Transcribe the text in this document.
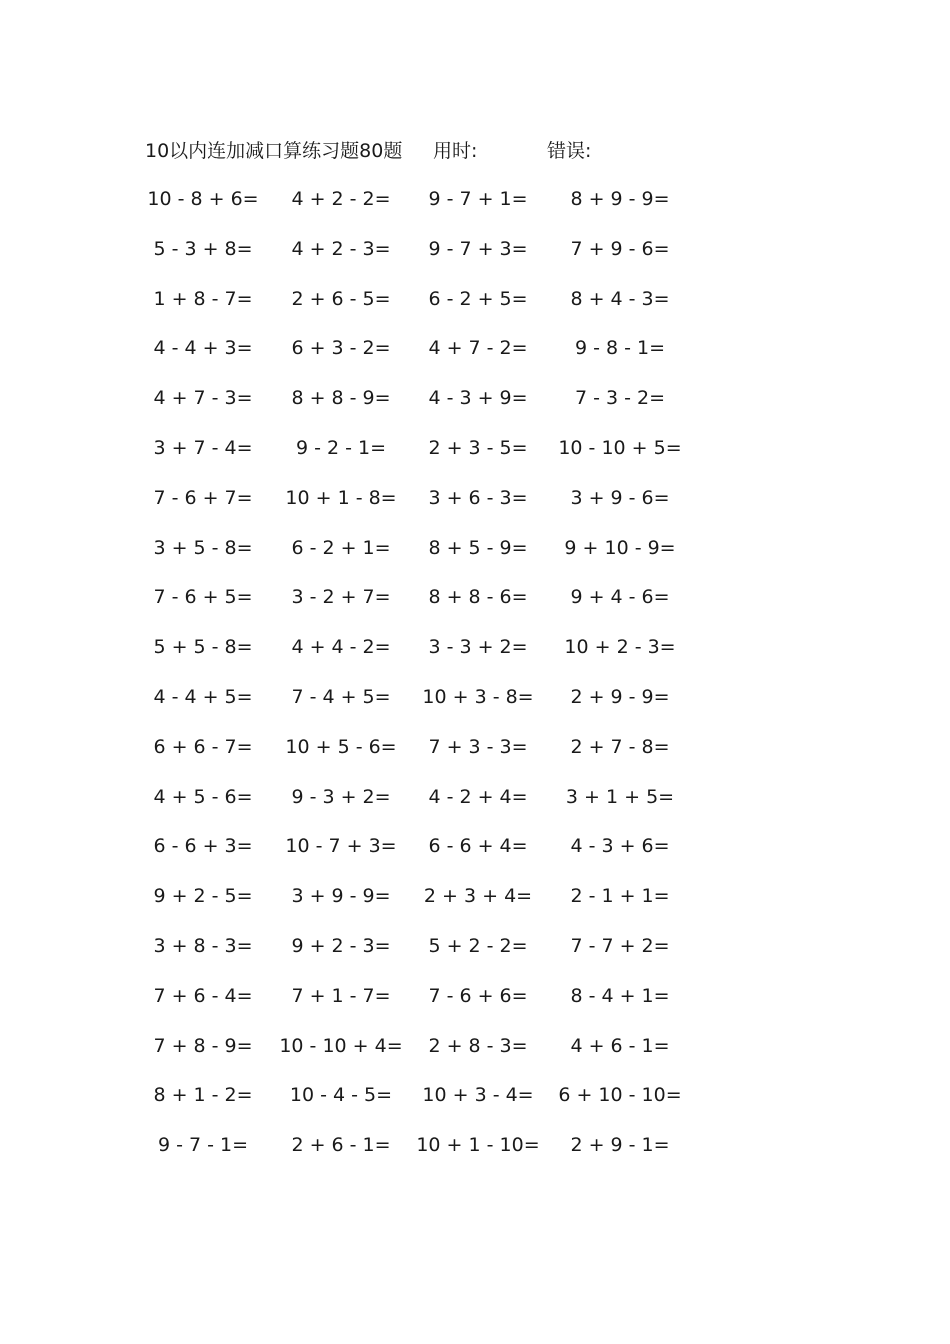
10以内连加减口算练习题80题 用时:	错误:
10 - 8 + 6=	4 + 2 - 2=	9 - 7 + 1=	8 + 9 - 9=
5 - 3 + 8=	4 + 2 - 3=	9 - 7 + 3=	7 + 9 - 6=
1 + 8 - 7=	2 + 6 - 5=	6 - 2 + 5=	8 + 4 - 3=
4 - 4 + 3=	6 + 3 - 2=	4 + 7 - 2=	9 - 8 - 1=
4 + 7 - 3=	8 + 8 - 9=	4 - 3 + 9=	7 - 3 - 2=
3 + 7 - 4=	9 - 2 - 1=	2 + 3 - 5=	10 - 10 + 5=
7 - 6 + 7=	10 + 1 - 8=	3 + 6 - 3=	3 + 9 - 6=
3 + 5 - 8=	6 - 2 + 1=	8 + 5 - 9=	9 + 10 - 9=
7 - 6 + 5=	3 - 2 + 7=	8 + 8 - 6=	9 + 4 - 6=
5 + 5 - 8=	4 + 4 - 2=	3 - 3 + 2=	10 + 2 - 3=
4 - 4 + 5=	7 - 4 + 5=	10 + 3 - 8=	2 + 9 - 9=
6 + 6 - 7=	10 + 5 - 6=	7 + 3 - 3=	2 + 7 - 8=
4 + 5 - 6=	9 - 3 + 2=	4 - 2 + 4=	3 + 1 + 5=
6 - 6 + 3=	10 - 7 + 3=	6 - 6 + 4=	4 - 3 + 6=
9 + 2 - 5=	3 + 9 - 9=	2 + 3 + 4=	2 - 1 + 1=
3 + 8 - 3=	9 + 2 - 3=	5 + 2 - 2=	7 - 7 + 2=
7 + 6 - 4=	7 + 1 - 7=	7 - 6 + 6=	8 - 4 + 1=
7 + 8 - 9=	10 - 10 + 4=	2 + 8 - 3=	4 + 6 - 1=
8 + 1 - 2=	10 - 4 - 5=	10 + 3 - 4=	6 + 10 - 10=
9 - 7 - 1=	2 + 6 - 1=	10 + 1 - 10=	2 + 9 - 1=
